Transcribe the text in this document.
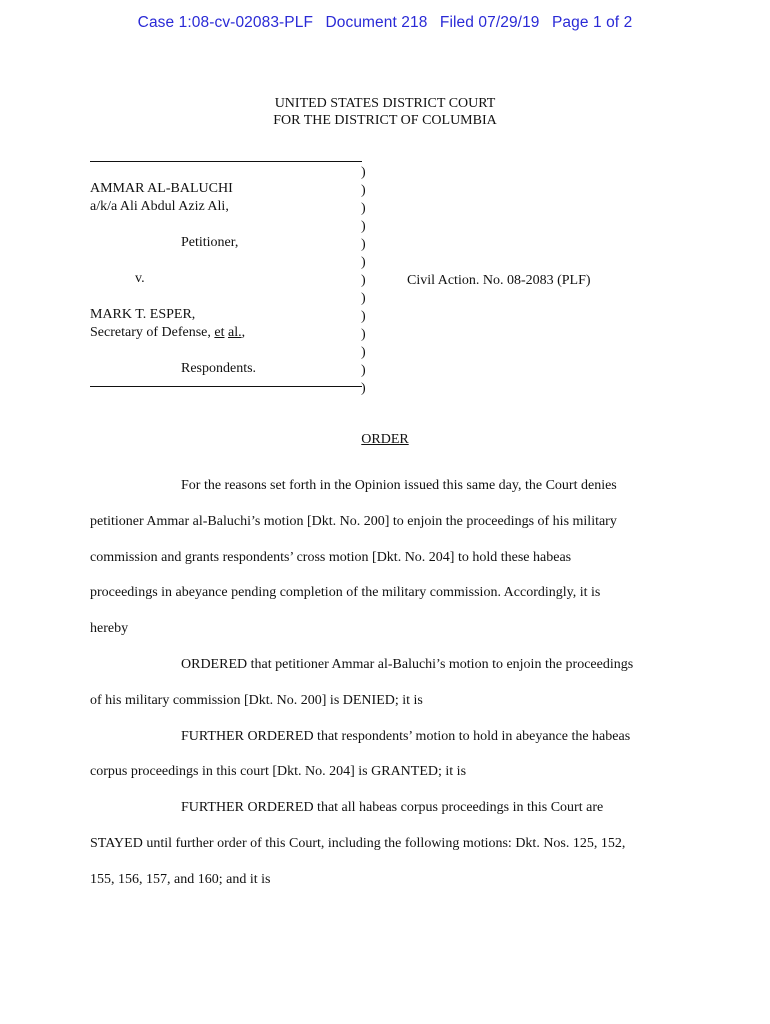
Case 1:08-cv-02083-PLF Document 218 Filed 07/29/19 Page 1 of 2
UNITED STATES DISTRICT COURT
FOR THE DISTRICT OF COLUMBIA
AMMAR AL-BALUCHI
a/k/a Ali Abdul Aziz Ali,
Petitioner,
v.
MARK T. ESPER,
Secretary of Defense, et al.,
Respondents.
)
)
)
)
)
)
)
)
)
)
)
)
)
Civil Action. No. 08-2083 (PLF)
ORDER

For the reasons set forth in the Opinion issued this same day, the Court denies
petitioner Ammar al-Baluchi’s motion [Dkt. No. 200] to enjoin the proceedings of his military
commission and grants respondents’ cross motion [Dkt. No. 204] to hold these habeas
proceedings in abeyance pending completion of the military commission. Accordingly, it is
hereby

ORDERED that petitioner Ammar al-Baluchi’s motion to enjoin the proceedings
of his military commission [Dkt. No. 200] is DENIED; it is

FURTHER ORDERED that respondents’ motion to hold in abeyance the habeas
corpus proceedings in this court [Dkt. No. 204] is GRANTED; it is

FURTHER ORDERED that all habeas corpus proceedings in this Court are
STAYED until further order of this Court, including the following motions: Dkt. Nos. 125, 152,
155, 156, 157, and 160; and it is
